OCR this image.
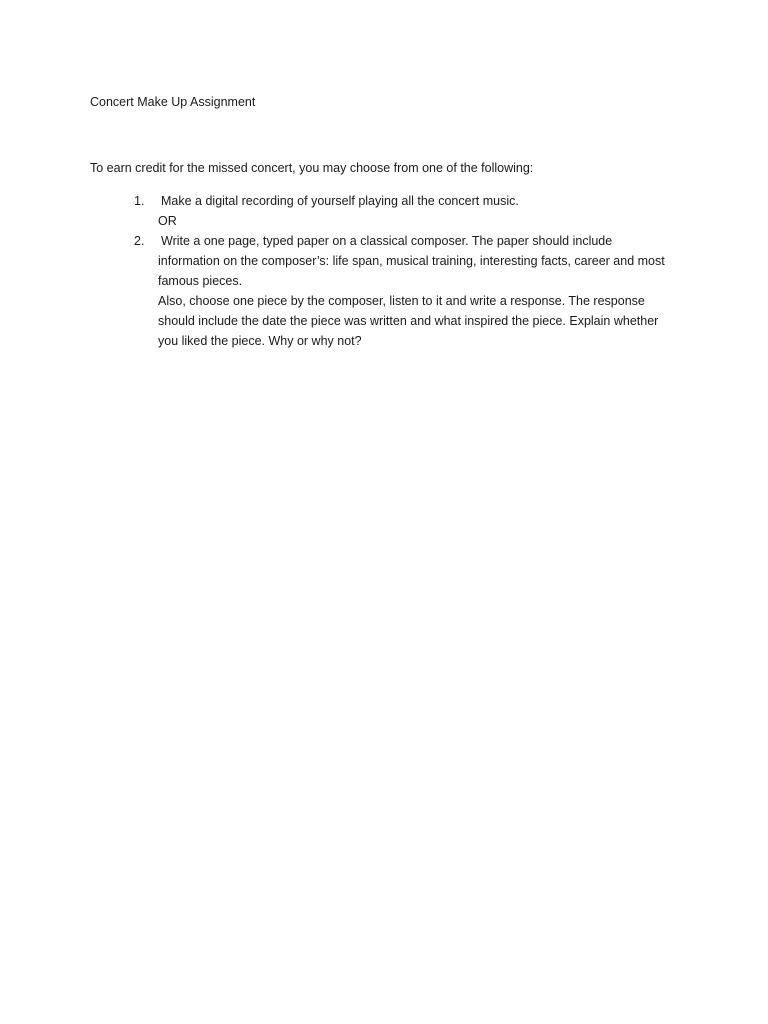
Concert Make Up Assignment
To earn credit for the missed concert, you may choose from one of the following:
1. Make a digital recording of yourself playing all the concert music.
OR
2. Write a one page, typed paper on a classical composer. The paper should include
information on the composer’s: life span, musical training, interesting facts, career and most
famous pieces.
Also, choose one piece by the composer, listen to it and write a response. The response
should include the date the piece was written and what inspired the piece. Explain whether
you liked the piece. Why or why not?
